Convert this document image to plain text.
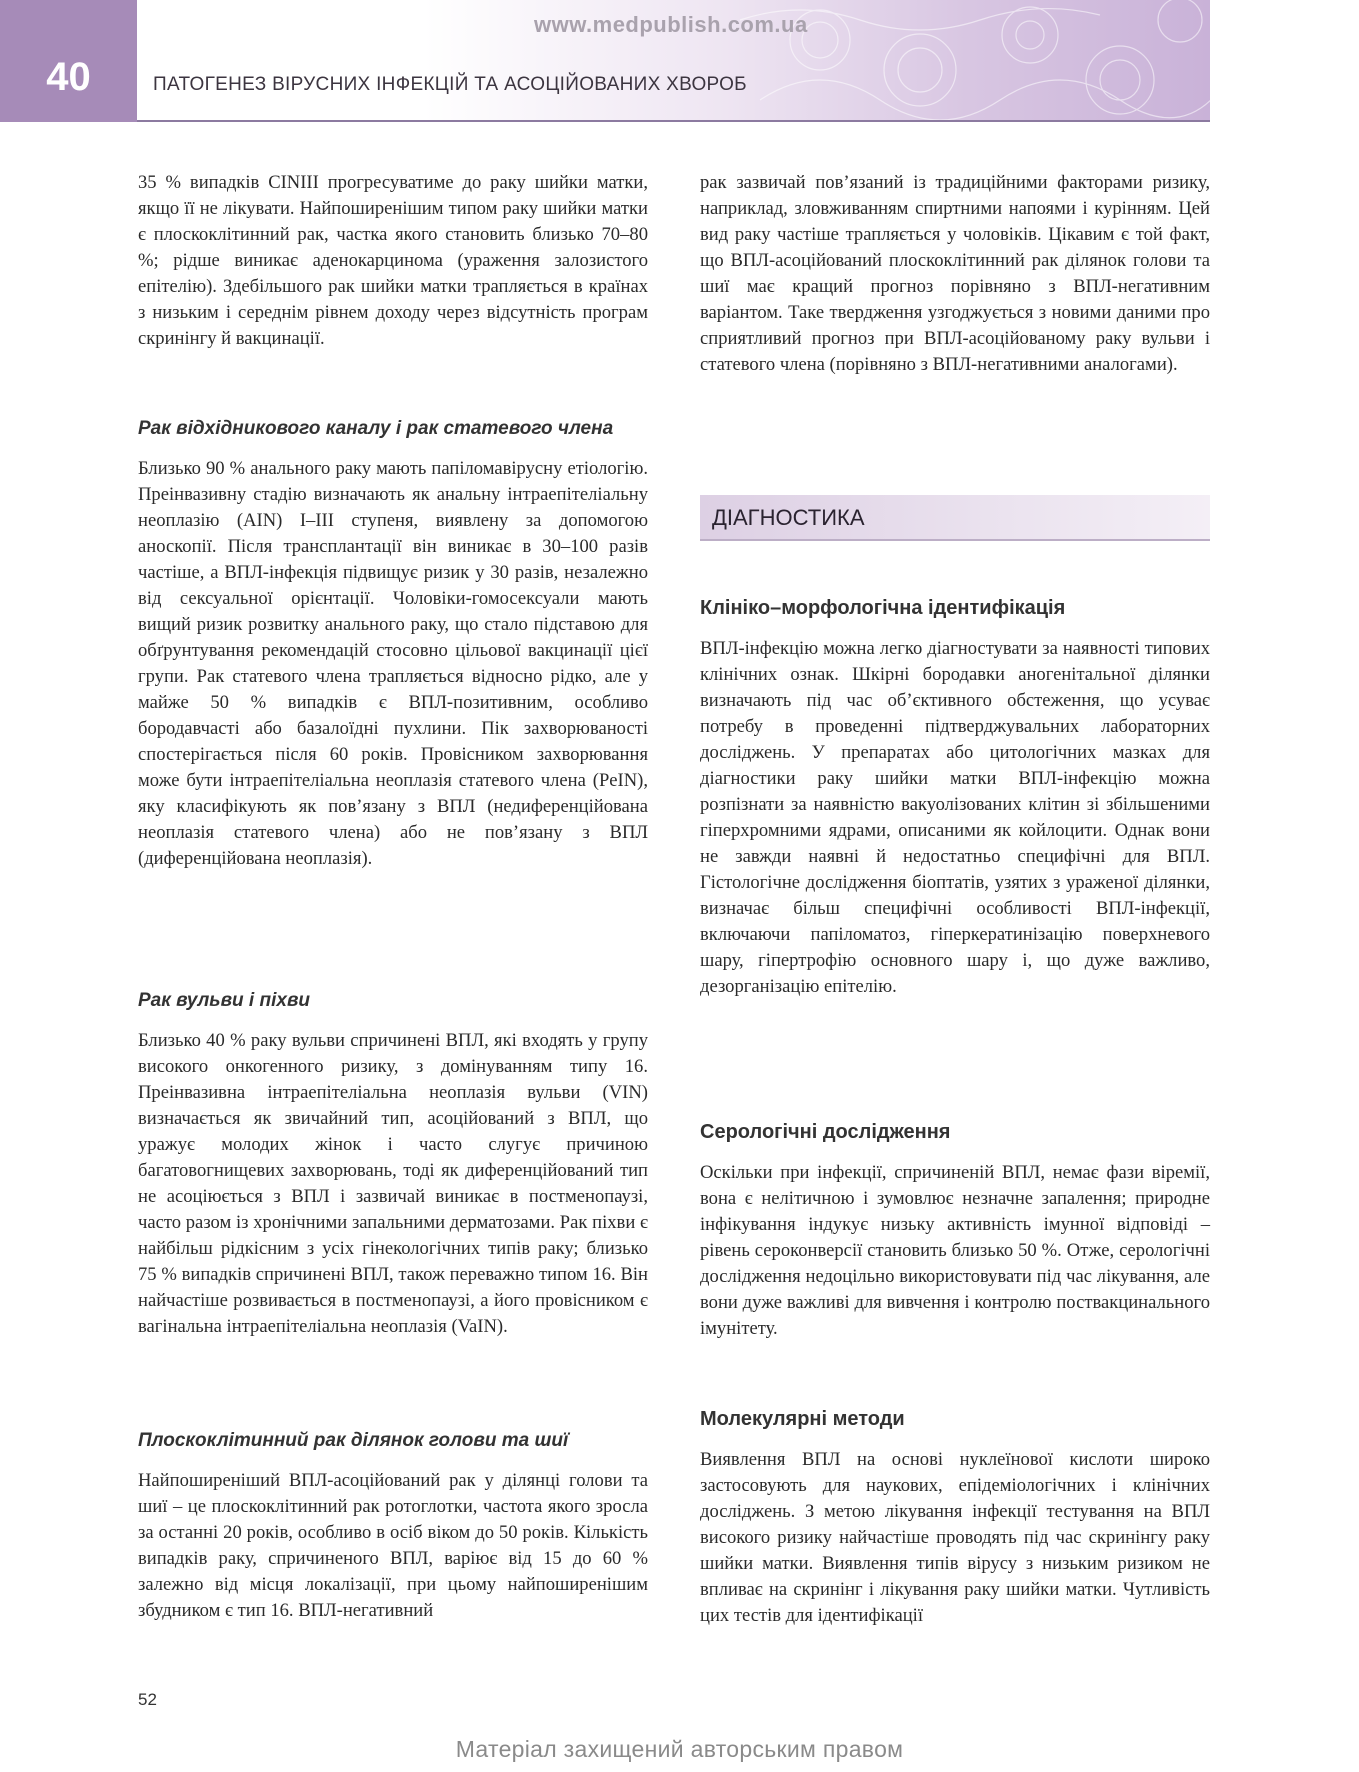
40
www.medpublish.com.ua
ПАТОГЕНЕЗ ВІРУСНИХ ІНФЕКЦІЙ ТА АСОЦІЙОВАНИХ ХВОРОБ

35 % випадків CINIII прогресуватиме до раку шийки матки, якщо її не лікувати. Найпоширенішим типом раку шийки матки є плоскоклітинний рак, частка якого становить близько 70–80 %; рідше виникає аденокарцинома (ураження залозистого епітелію). Здебільшого рак шийки матки трапляється в країнах з низьким і середнім рівнем доходу через відсутність програм скринінгу й вакцинації.

Рак відхідникового каналу і рак статевого члена

Близько 90 % анального раку мають папіломавірусну етіологію. Преінвазивну стадію визначають як анальну інтраепітеліальну неоплазію (AIN) I–III ступеня, виявлену за допомогою аноскопії. Після трансплантації він виникає в 30–100 разів частіше, а ВПЛ-інфекція підвищує ризик у 30 разів, незалежно від сексуальної орієнтації. Чоловіки-гомосексуали мають вищий ризик розвитку анального раку, що стало підставою для обґрунтування рекомендацій стосовно цільової вакцинації цієї групи. Рак статевого члена трапляється відносно рідко, але у майже 50 % випадків є ВПЛ-позитивним, особливо бородавчасті або базалоїдні пухлини. Пік захворюваності спостерігається після 60 років. Провісником захворювання може бути інтраепітеліальна неоплазія статевого члена (PeIN), яку класифікують як пов’язану з ВПЛ (недиференційована неоплазія статевого члена) або не пов’язану з ВПЛ (диференційована неоплазія).

Рак вульви і піхви

Близько 40 % раку вульви спричинені ВПЛ, які входять у групу високого онкогенного ризику, з домінуванням типу 16. Преінвазивна інтраепітеліальна неоплазія вульви (VIN) визначається як звичайний тип, асоційований з ВПЛ, що уражує молодих жінок і часто слугує причиною багатовогнищевих захворювань, тоді як диференційований тип не асоціюється з ВПЛ і зазвичай виникає в постменопаузі, часто разом із хронічними запальними дерматозами. Рак піхви є найбільш рідкісним з усіх гінекологічних типів раку; близько 75 % випадків спричинені ВПЛ, також переважно типом 16. Він найчастіше розвивається в постменопаузі, а його провісником є вагінальна інтраепітеліальна неоплазія (VaIN).

Плоскоклітинний рак ділянок голови та шиї

Найпоширеніший ВПЛ-асоційований рак у ділянці голови та шиї – це плоскоклітинний рак ротоглотки, частота якого зросла за останні 20 років, особливо в осіб віком до 50 років. Кількість випадків раку, спричиненого ВПЛ, варіює від 15 до 60 % залежно від місця локалізації, при цьому найпоширенішим збудником є тип 16. ВПЛ-негативний

рак зазвичай пов’язаний із традиційними факторами ризику, наприклад, зловживанням спиртними напоями і курінням. Цей вид раку частіше трапляється у чоловіків. Цікавим є той факт, що ВПЛ-асоційований плоскоклітинний рак ділянок голови та шиї має кращий прогноз порівняно з ВПЛ-негативним варіантом. Таке твердження узгоджується з новими даними про сприятливий прогноз при ВПЛ-асоційованому раку вульви і статевого члена (порівняно з ВПЛ-негативними аналогами).

ДІАГНОСТИКА
Клініко–морфологічна ідентифікація

ВПЛ-інфекцію можна легко діагностувати за наявності типових клінічних ознак. Шкірні бородавки аногенітальної ділянки визначають під час об’єктивного обстеження, що усуває потребу в проведенні підтверджувальних лабораторних досліджень. У препаратах або цитологічних мазках для діагностики раку шийки матки ВПЛ-інфекцію можна розпізнати за наявністю вакуолізованих клітин зі збільшеними гіперхромними ядрами, описаними як койлоцити. Однак вони не завжди наявні й недостатньо специфічні для ВПЛ. Гістологічне дослідження біоптатів, узятих з ураженої ділянки, визначає більш специфічні особливості ВПЛ-інфекції, включаючи папіломатоз, гіперкератинізацію поверхневого шару, гіпертрофію основного шару і, що дуже важливо, дезорганізацію епітелію.

Серологічні дослідження

Оскільки при інфекції, спричиненій ВПЛ, немає фази віремії, вона є нелітичною і зумовлює незначне запалення; природне інфікування індукує низьку активність імунної відповіді – рівень сероконверсії становить близько 50 %. Отже, серологічні дослідження недоцільно використовувати під час лікування, але вони дуже важливі для вивчення і контролю поствакцинального імунітету.

Молекулярні методи

Виявлення ВПЛ на основі нуклеїнової кислоти широко застосовують для наукових, епідеміологічних і клінічних досліджень. З метою лікування інфекції тестування на ВПЛ високого ризику найчастіше проводять під час скринінгу раку шийки матки. Виявлення типів вірусу з низьким ризиком не впливає на скринінг і лікування раку шийки матки. Чутливість цих тестів для ідентифікації

52
Матеріал захищений авторським правом
